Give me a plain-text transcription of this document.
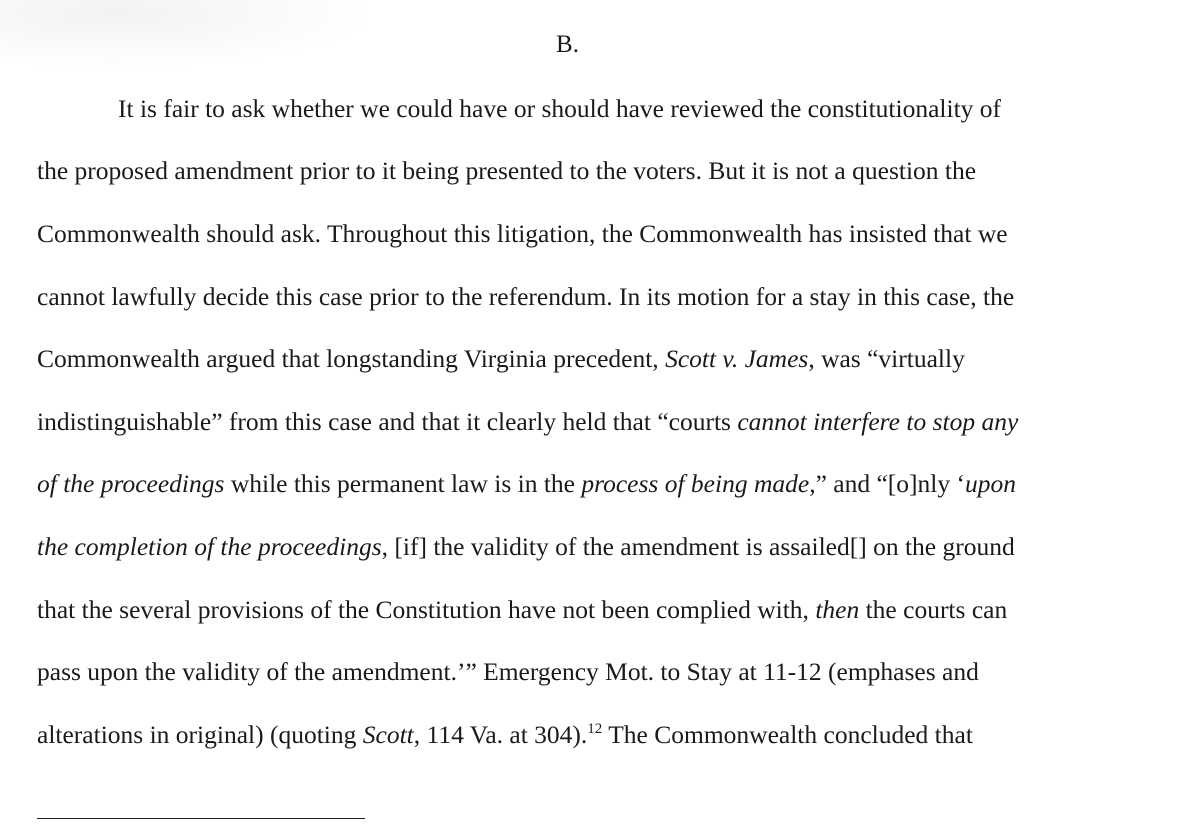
B.
It is fair to ask whether we could have or should have reviewed the constitutionality of
the proposed amendment prior to it being presented to the voters. But it is not a question the
Commonwealth should ask. Throughout this litigation, the Commonwealth has insisted that we
cannot lawfully decide this case prior to the referendum. In its motion for a stay in this case, the
Commonwealth argued that longstanding Virginia precedent, Scott v. James, was “virtually
indistinguishable” from this case and that it clearly held that “courts cannot interfere to stop any
of the proceedings while this permanent law is in the process of being made,” and “[o]nly ‘upon
the completion of the proceedings, [if] the validity of the amendment is assailed[] on the ground
that the several provisions of the Constitution have not been complied with, then the courts can
pass upon the validity of the amendment.’” Emergency Mot. to Stay at 11-12 (emphases and
alterations in original) (quoting Scott, 114 Va. at 304).$^{12}$ The Commonwealth concluded that
